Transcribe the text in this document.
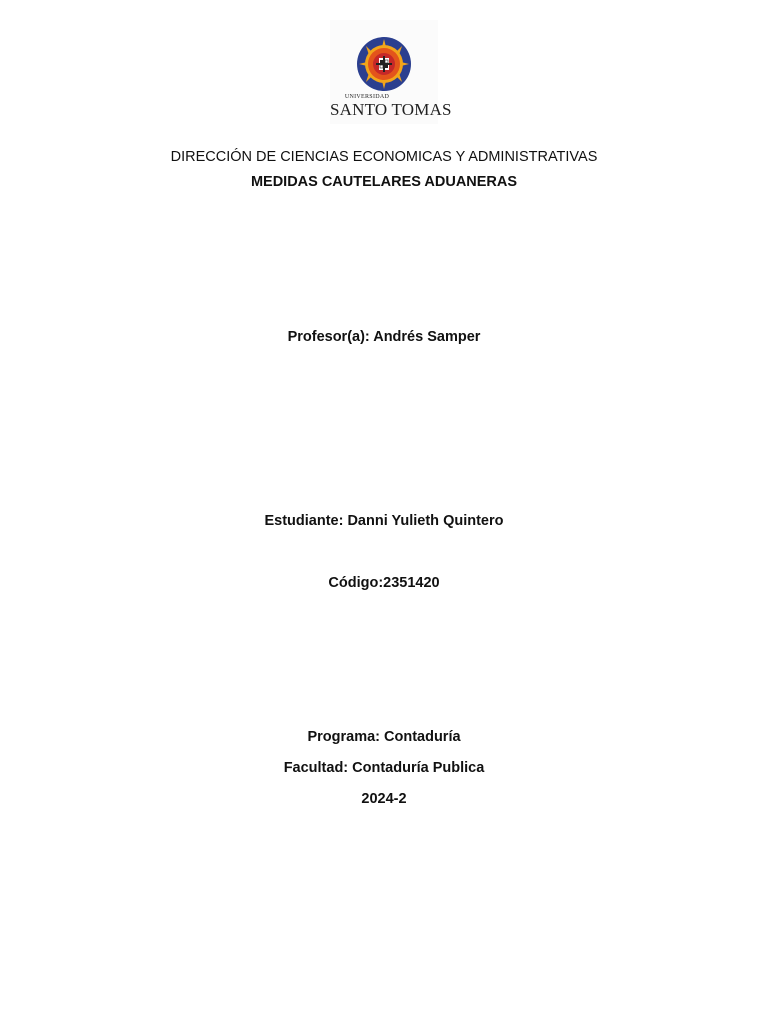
UNIVERSIDAD
SANTO TOMAS
DIRECCIÓN DE CIENCIAS ECONOMICAS Y ADMINISTRATIVAS
MEDIDAS CAUTELARES ADUANERAS
Profesor(a): Andrés Samper
Estudiante: Danni Yulieth Quintero
Código:2351420
Programa: Contaduría
Facultad: Contaduría Publica
2024-2
